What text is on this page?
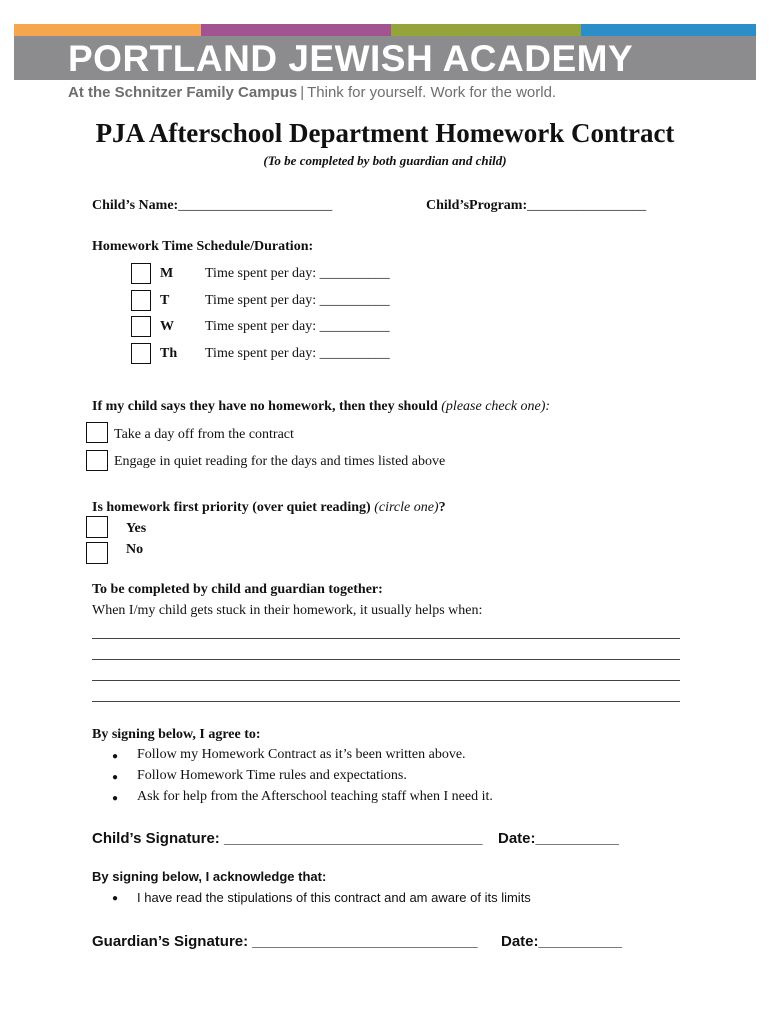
PORTLAND JEWISH ACADEMY
At the Schnitzer Family Campus | Think for yourself. Work for the world.
PJA Afterschool Department Homework Contract
(To be completed by both guardian and child)
Child’s Name:______________________	Child’sProgram:_________________
Homework Time Schedule/Duration:
M Time spent per day: __________
T	Time spent per day: __________
W Time spent per day: __________
Th Time spent per day: __________
If my child says they have no homework, then they should (please check one):
Take a day off from the contract
Engage in quiet reading for the days and times listed above
Is homework first priority (over quiet reading) (circle one)?
Yes
No
To be completed by child and guardian together:
When I/my child gets stuck in their homework, it usually helps when:
By signing below, I agree to:
● Follow my Homework Contract as it’s been written above.
● Follow Homework Time rules and expectations.
● Ask for help from the Afterschool teaching staff when I need it.
Child’s Signature: _______________________________ Date:__________
By signing below, I acknowledge that:
● I have read the stipulations of this contract and am aware of its limits
Guardian’s Signature: ___________________________ Date:__________
